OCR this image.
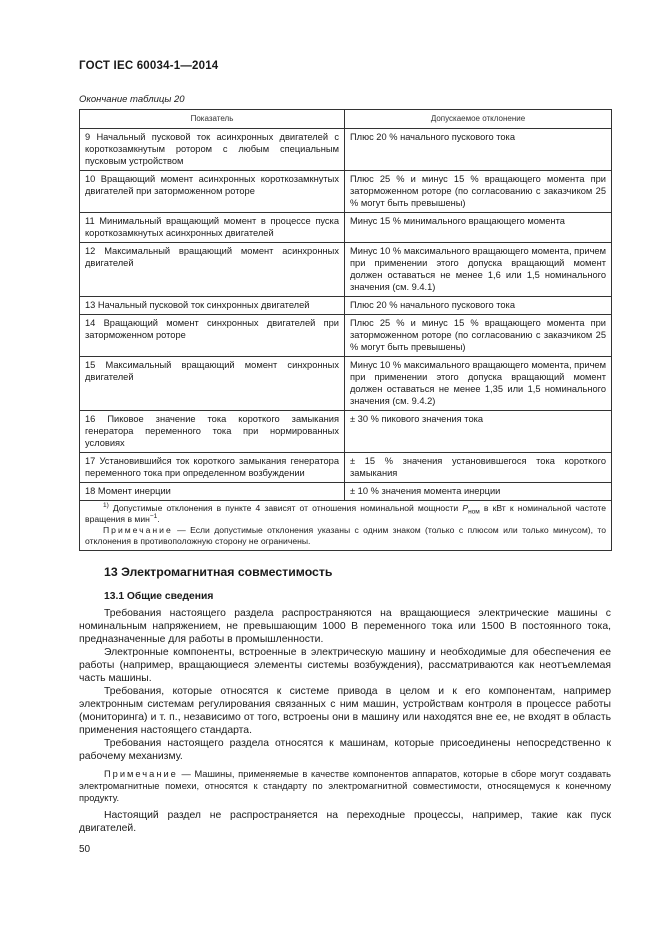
ГОСТ IEC 60034-1—2014
Окончание таблицы 20
Показатель	Допускаемое отклонение
9 Начальный пусковой ток асинхронных двигателей с короткозамкнутым ротором с любым специальным пусковым устройством	Плюс 20 % начального пускового тока
10 Вращающий момент асинхронных короткозамкнутых двигателей при заторможенном роторе	Плюс 25 % и минус 15 % вращающего момента при заторможенном роторе (по согласованию с заказчиком 25 % могут быть превышены)
11 Минимальный вращающий момент в процессе пуска короткозамкнутых асинхронных двигателей	Минус 15 % минимального вращающего момента
12 Максимальный вращающий момент асинхронных двигателей	Минус 10 % максимального вращающего момента, причем при применении этого допуска вращающий момент должен оставаться не менее 1,6 или 1,5 номинального значения (см. 9.4.1)
13 Начальный пусковой ток синхронных двигателей	Плюс 20 % начального пускового тока
14 Вращающий момент синхронных двигателей при заторможенном роторе	Плюс 25 % и минус 15 % вращающего момента при заторможенном роторе (по согласованию с заказчиком 25 % могут быть превышены)
15 Максимальный вращающий момент синхронных двигателей	Минус 10 % максимального вращающего момента, причем при применении этого допуска вращающий момент должен оставаться не менее 1,35 или 1,5 номинального значения (см. 9.4.2)
16 Пиковое значение тока короткого замыкания генератора переменного тока при нормированных условиях	± 30 % пикового значения тока
17 Установившийся ток короткого замыкания генератора переменного тока при определенном возбуждении	± 15 % значения установившегося тока короткого замыкания
18 Момент инерции	± 10 % значения момента инерции

$^{1)}$ Допустимые отклонения в пункте 4 зависят от отношения номинальной мощности $P_{ном}$ в кВт к номинальной частоте вращения в мин$^{-1}$.

Примечание — Если допустимые отклонения указаны с одним знаком (только с плюсом или только минусом), то отклонения в противоположную сторону не ограничены.	

13 Электромагнитная совместимость
13.1 Общие сведения

Требования настоящего раздела распространяются на вращающиеся электрические машины с номинальным напряжением, не превышающим 1000 В переменного тока или 1500 В постоянного тока, предназначенные для работы в промышленности.

Электронные компоненты, встроенные в электрическую машину и необходимые для обеспечения ее работы (например, вращающиеся элементы системы возбуждения), рассматриваются как неотъемлемая часть машины.

Требования, которые относятся к системе привода в целом и к его компонентам, например электронным системам регулирования связанных с ним машин, устройствам контроля в процессе работы (мониторинга) и т. п., независимо от того, встроены они в машину или находятся вне ее, не входят в область применения настоящего стандарта.

Требования настоящего раздела относятся к машинам, которые присоединены непосредственно к рабочему механизму.

Примечание — Машины, применяемые в качестве компонентов аппаратов, которые в сборе могут создавать электромагнитные помехи, относятся к стандарту по электромагнитной совместимости, относящемуся к конечному продукту.

Настоящий раздел не распространяется на переходные процессы, например, такие как пуск двигателей.

50
